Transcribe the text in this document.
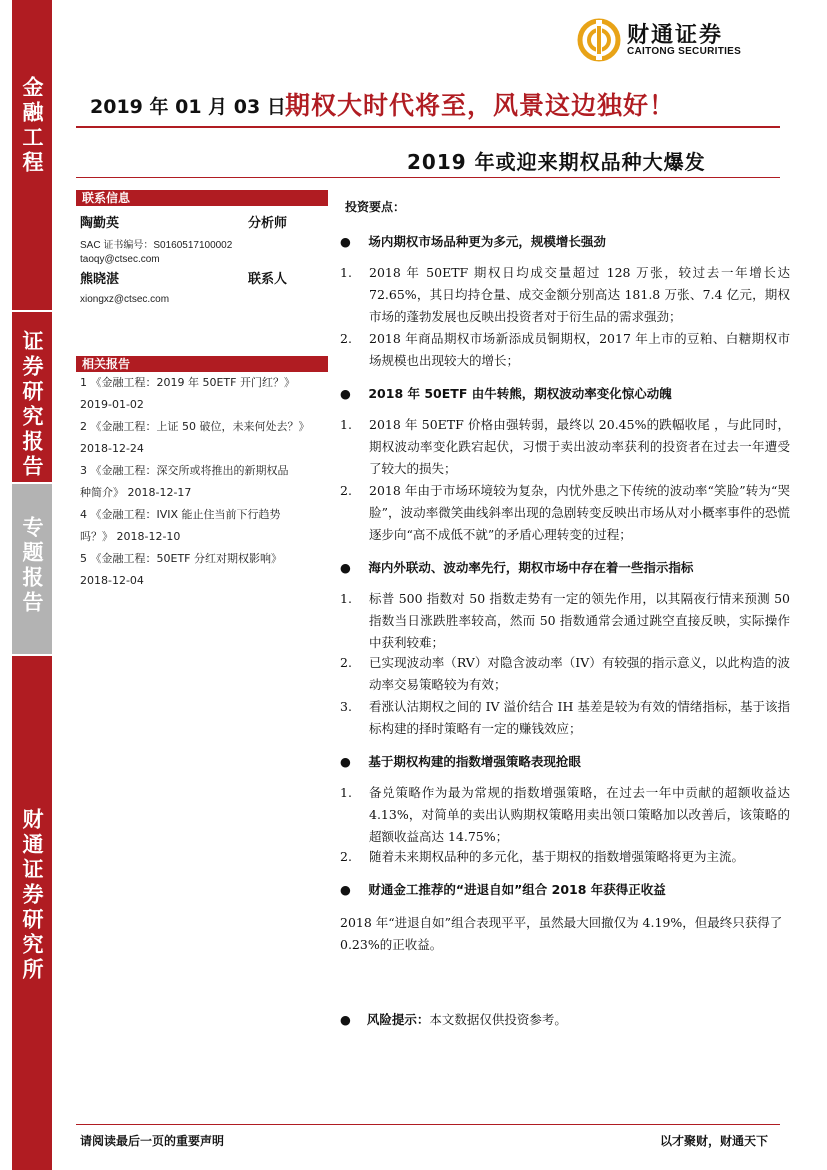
金融工程
证券研究报告
专题报告
财通证券研究所
财通证券
CAITONG SECURITIES
2019 年 01 月 03 日 期权大时代将至，风景这边独好！
2019 年或迎来期权品种大爆发
联系信息
陶勤英	分析师
SAC 证书编号：S0160517100002
taoqy@ctsec.com
熊晓湛	联系人
xiongxz@ctsec.com
相关报告
1 《金融工程：2019 年 50ETF 开门红？》
2019-01-02
2 《金融工程：上证 50 破位，未来何处去？》
2018-12-24
3 《金融工程：深交所或将推出的新期权品
种简介》 2018-12-17
4 《金融工程：IVIX 能止住当前下行趋势
吗？》 2018-12-10
5 《金融工程：50ETF 分红对期权影响》
2018-12-04
投资要点：
● 场内期权市场品种更为多元，规模增长强劲
1. 2018 年 50ETF 期权日均成交量超过 128 万张，较过去一年增长达 72.65%，其日均持仓量、成交金额分别高达 181.8 万张、7.4 亿元，期权市场的蓬勃发展也反映出投资者对于衍生品的需求强劲；
2. 2018 年商品期权市场新添成员铜期权，2017 年上市的豆粕、白糖期权市场规模也出现较大的增长；
● 2018 年 50ETF 由牛转熊，期权波动率变化惊心动魄
1. 2018 年 50ETF 价格由强转弱，最终以 20.45%的跌幅收尾 ，与此同时，期权波动率变化跌宕起伏，习惯于卖出波动率获利的投资者在过去一年遭受了较大的损失；
2. 2018 年由于市场环境较为复杂，内忧外患之下传统的波动率“笑脸”转为“哭脸”，波动率微笑曲线斜率出现的急剧转变反映出市场从对小概率事件的恐慌逐步向“高不成低不就”的矛盾心理转变的过程；
● 海内外联动、波动率先行，期权市场中存在着一些指示指标
1. 标普 500 指数对 50 指数走势有一定的领先作用，以其隔夜行情来预测 50 指数当日涨跌胜率较高，然而 50 指数通常会通过跳空直接反映，实际操作中获利较难；
2. 已实现波动率（RV）对隐含波动率（IV）有较强的指示意义，以此构造的波动率交易策略较为有效；
3. 看涨认沽期权之间的 IV 溢价结合 IH 基差是较为有效的情绪指标，基于该指标构建的择时策略有一定的赚钱效应；
● 基于期权构建的指数增强策略表现抢眼
1. 备兑策略作为最为常规的指数增强策略，在过去一年中贡献的超额收益达 4.13%，对简单的卖出认购期权策略用卖出领口策略加以改善后，该策略的超额收益高达 14.75%；
2. 随着未来期权品种的多元化，基于期权的指数增强策略将更为主流。
● 财通金工推荐的“进退自如”组合 2018 年获得正收益
2018 年“进退自如”组合表现平平，虽然最大回撤仅为 4.19%，但最终只获得了 0.23%的正收益。
● 风险提示：本文数据仅供投资参考。
请阅读最后一页的重要声明	以才聚财，财通天下
